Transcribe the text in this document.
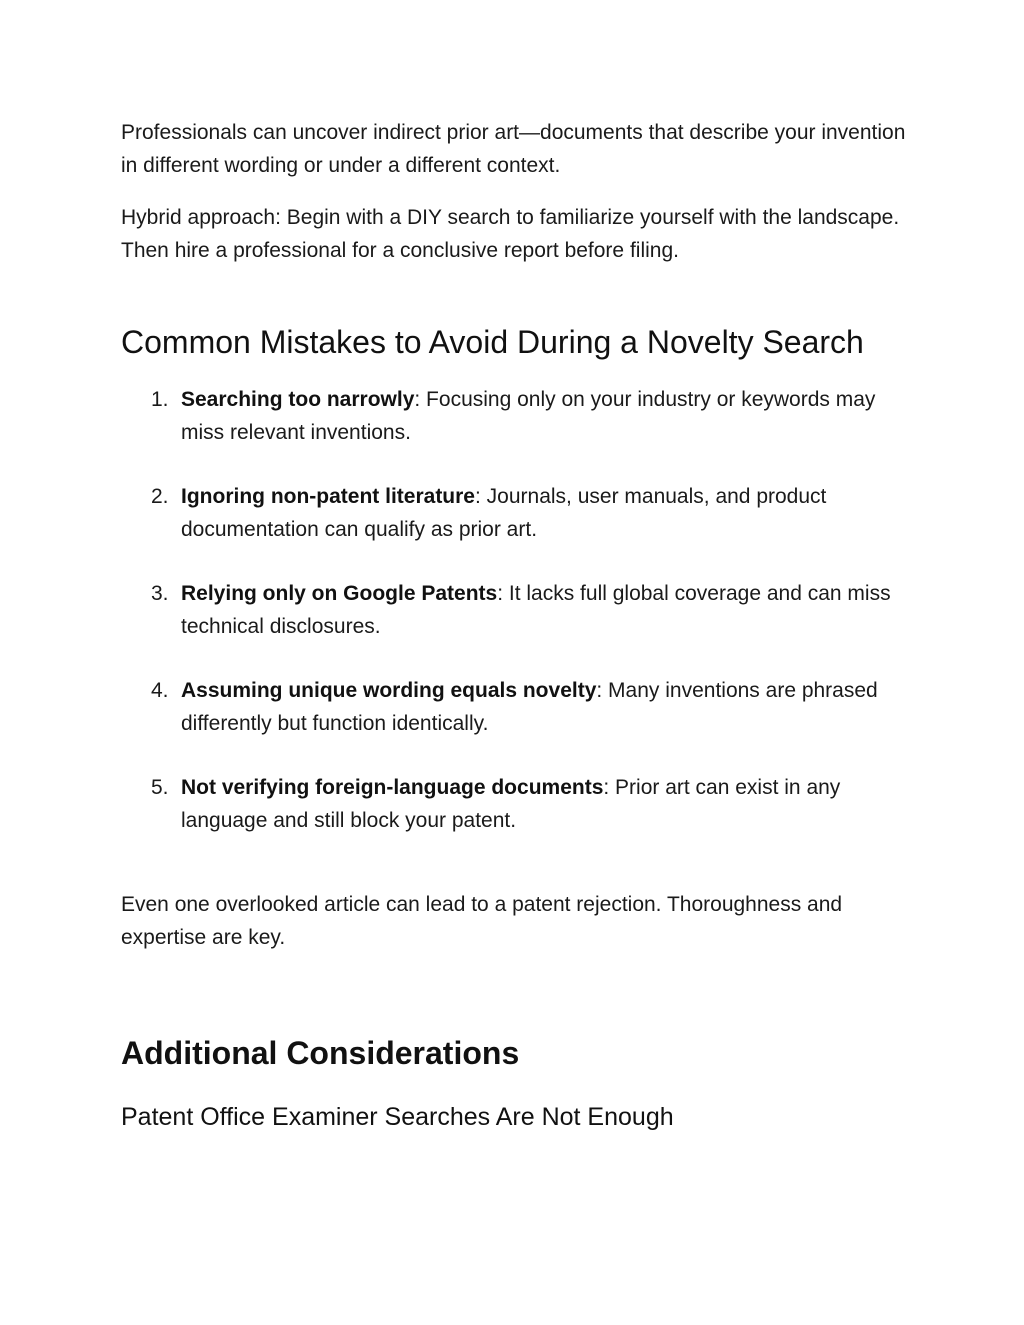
Professionals can uncover indirect prior art—documents that describe your invention in different wording or under a different context.

Hybrid approach: Begin with a DIY search to familiarize yourself with the landscape. Then hire a professional for a conclusive report before filing.

Common Mistakes to Avoid During a Novelty Search
1. Searching too narrowly: Focusing only on your industry or keywords may miss relevant inventions.
2. Ignoring non-patent literature: Journals, user manuals, and product documentation can qualify as prior art.
3. Relying only on Google Patents: It lacks full global coverage and can miss technical disclosures.
4. Assuming unique wording equals novelty: Many inventions are phrased differently but function identically.
5. Not verifying foreign-language documents: Prior art can exist in any language and still block your patent.

Even one overlooked article can lead to a patent rejection. Thoroughness and expertise are key.

Additional Considerations
Patent Office Examiner Searches Are Not Enough
